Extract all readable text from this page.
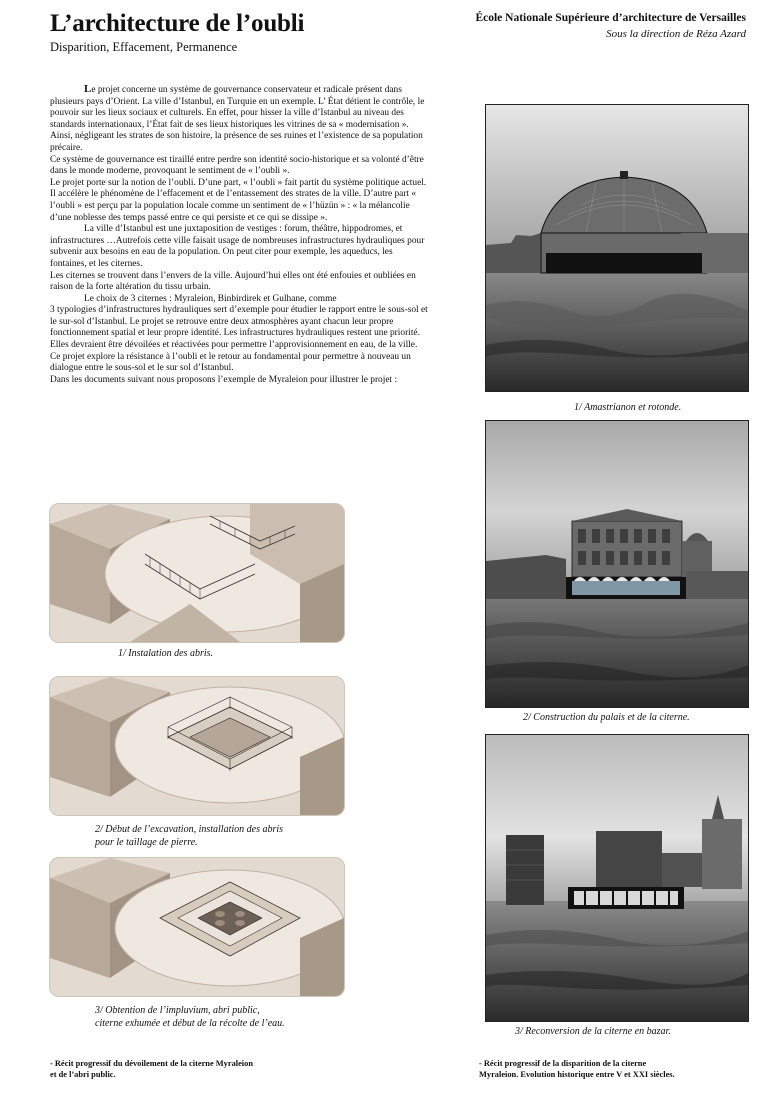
L’architecture de l’oubli
Disparition, Effacement, Permanence
École Nationale Supérieure d’architecture de Versailles
Sous la direction de Réza Azard

Le projet concerne un système de gouvernance conservateur et radicale présent dans plusieurs pays d’Orient. La ville d’Istanbul, en Turquie en un exemple. L’ État détient le contrôle, le pouvoir sur les lieux sociaux et culturels. En effet, pour hisser la ville d’Istanbul au niveau des standards internationaux, l’État fait de ses lieux historiques les vitrines de sa « modernisation ». Ainsi, négligeant les strates de son histoire, la présence de ses ruines et l’existence de sa population précaire.

Ce système de gouvernance est tiraillé entre perdre son identité socio-historique et sa volonté d’être dans le monde moderne, provoquant le sentiment de « l’oubli ».

Le projet porte sur la notion de l’oubli. D’une part, « l’oubli » fait partit du système politique actuel. Il accélère le phénomène de l’effacement et de l’entassement des strates de la ville. D’autre part « l’oubli » est perçu par la population locale comme un sentiment de « l’hüzün » : « la mélancolie d’une noblesse des temps passé entre ce qui persiste et ce qui se dissipe ».

La ville d’Istanbul est une juxtaposition de vestiges : forum, théâtre, hippodromes, et infrastructures …Autrefois cette ville faisait usage de nombreuses infrastructures hydrauliques pour subvenir aux besoins en eau de la population. On peut citer pour exemple, les aqueducs, les fontaines, et les citernes.

Les citernes se trouvent dans l’envers de la ville. Aujourd’hui elles ont été enfouies et oubliées en raison de la forte altération du tissu urbain.

Le choix de 3 citernes : Myraleion, Binbirdirek et Gulhane, comme

3 typologies d’infrastructures hydrauliques sert d’exemple pour étudier le rapport entre le sous-sol et le sur-sol d’Istanbul. Le projet se retrouve entre deux atmosphères ayant chacun leur propre fonctionnement spatial et leur propre identité. Les infrastructures hydrauliques restent une priorité. Elles devraient être dévoilées et réactivées pour permettre l’approvisionnement en eau, de la ville. Ce projet explore la résistance à l’oubli et le retour au fondamental pour permettre à nouveau un dialogue entre le sous-sol et le sur sol d’Istanbul.

Dans les documents suivant nous proposons l’exemple de Myraleion pour illustrer le projet :

1/ Instalation des abris.
2/ Début de l’excavation, installation des abris
pour le taillage de pierre.
3/ Obtention de l’impluvium, abri public,
citerne exhumée et début de la récolte de l’eau.
1/ Amastrianon et rotonde.
2/ Construction du palais et de la citerne.
3/ Reconversion de la citerne en bazar.
- Récit progressif du dévoilement de la citerne Myraleion
et de l’abri public.
- Récit progressif de la disparition de la citerne
Myraleion. Evolution historique entre V et XXI siècles.
